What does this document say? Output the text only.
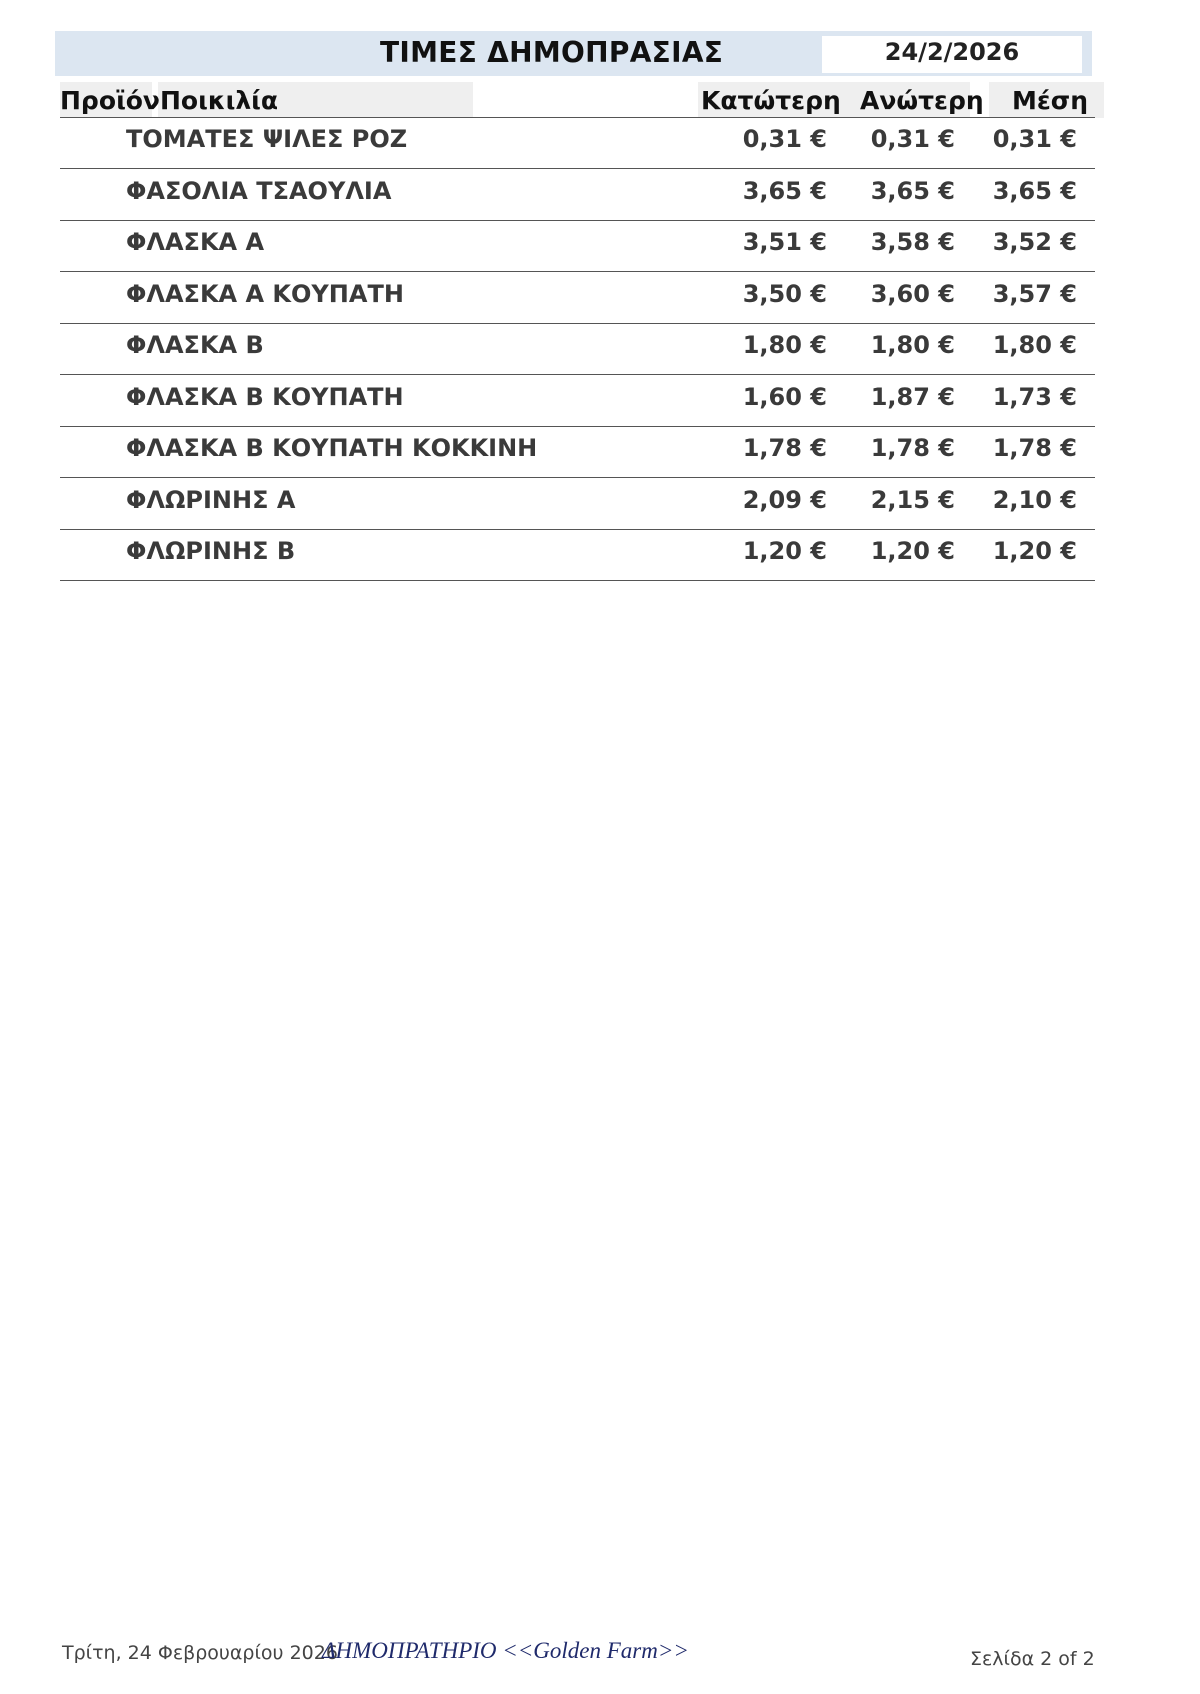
ΤΙΜΕΣ ΔΗΜΟΠΡΑΣΙΑΣ	24/2/2026
Προϊόν Ποικιλία	Κατώτερη Ανώτερη Μέση
ΤΟΜΑΤΕΣ ΨΙΛΕΣ ΡΟΖ	0,31 €	0,31 €	0,31 €
ΦΑΣΟΛΙΑ ΤΣΑΟΥΛΙΑ	3,65 €	3,65 €	3,65 €
ΦΛΑΣΚΑ Α	3,51 €	3,58 €	3,52 €
ΦΛΑΣΚΑ Α ΚΟΥΠΑΤΗ	3,50 €	3,60 €	3,57 €
ΦΛΑΣΚΑ Β	1,80 €	1,80 €	1,80 €
ΦΛΑΣΚΑ Β ΚΟΥΠΑΤΗ	1,60 €	1,87 €	1,73 €
ΦΛΑΣΚΑ Β ΚΟΥΠΑΤΗ ΚΟΚΚΙΝΗ	1,78 €	1,78 €	1,78 €
ΦΛΩΡΙΝΗΣ Α	2,09 €	2,15 €	2,10 €
ΦΛΩΡΙΝΗΣ Β	1,20 €	1,20 €	1,20 €
Τρίτη, 24 Φεβρουαρίου 2026
ΔΗΜΟΠΡΑΤΗΡΙΟ <<Golden Farm>>	Σελίδα 2 of 2
